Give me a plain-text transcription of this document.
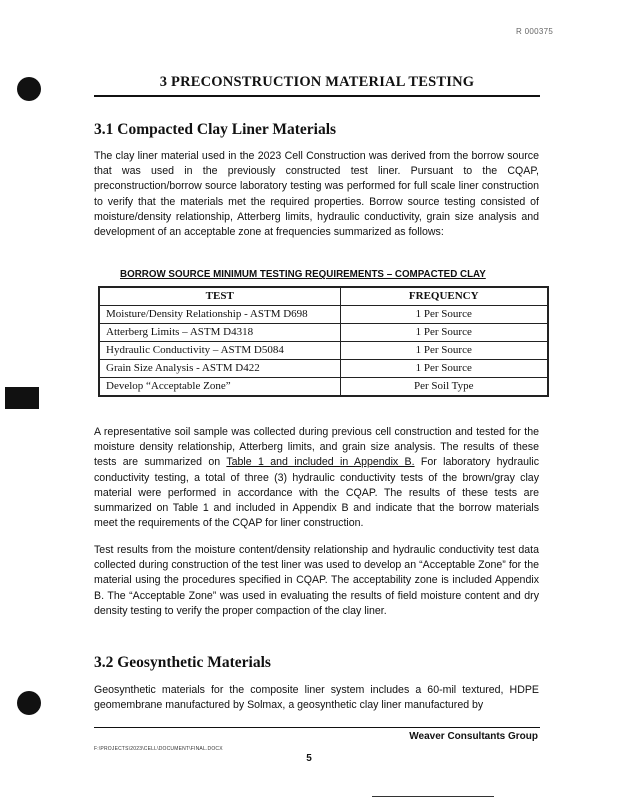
R 000375
3 PRECONSTRUCTION MATERIAL TESTING
3.1 Compacted Clay Liner Materials

The clay liner material used in the 2023 Cell Construction was derived from the borrow source that was used in the previously constructed test liner. Pursuant to the CQAP, preconstruction/borrow source laboratory testing was performed for full scale liner construction to verify that the materials met the required properties. Borrow source testing consisted of moisture/density relationship, Atterberg limits, hydraulic conductivity, grain size analysis and development of an acceptable zone at frequencies summarized as follows:

BORROW SOURCE MINIMUM TESTING REQUIREMENTS – COMPACTED CLAY
TEST	FREQUENCY
Moisture/Density Relationship - ASTM D698	1 Per Source
Atterberg Limits – ASTM D4318	1 Per Source
Hydraulic Conductivity – ASTM D5084	1 Per Source
Grain Size Analysis - ASTM D422	1 Per Source
Develop “Acceptable Zone”	Per Soil Type

A representative soil sample was collected during previous cell construction and tested for the moisture density relationship, Atterberg limits, and grain size analysis. The results of these tests are summarized on Table 1 and included in Appendix B. For laboratory hydraulic conductivity testing, a total of three (3) hydraulic conductivity tests of the brown/gray clay material were performed in accordance with the CQAP. The results of these tests are summarized on Table 1 and included in Appendix B and indicate that the borrow materials meet the requirements of the CQAP for liner construction.

Test results from the moisture content/density relationship and hydraulic conductivity test data collected during construction of the test liner was used to develop an “Acceptable Zone” for the material using the procedures specified in CQAP. The acceptability zone is included Appendix B. The “Acceptable Zone” was used in evaluating the results of field moisture content and dry density testing to verify the proper compaction of the clay liner.

3.2 Geosynthetic Materials

Geosynthetic materials for the composite liner system includes a 60-mil textured, HDPE geomembrane manufactured by Solmax, a geosynthetic clay liner manufactured by

Weaver Consultants Group
F:\PROJECTS\2023\CELL\DOCUMENT\FINAL.DOCX
5
